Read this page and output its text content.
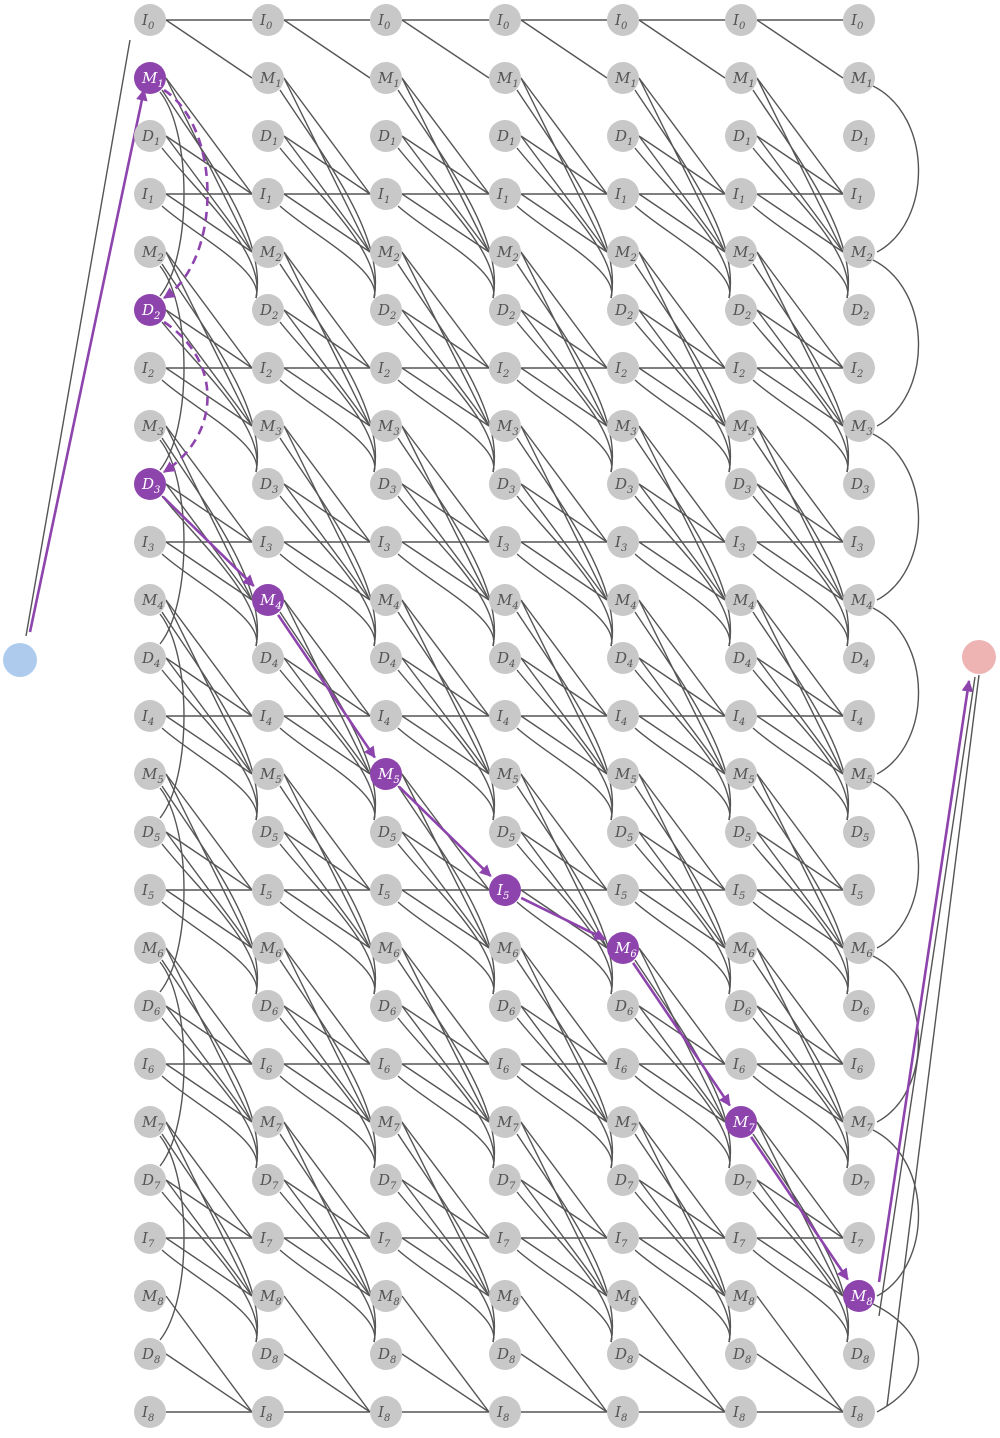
$I_0$
$M_1$
$D_1$
$I_1$
$M_2$
$D_2$
$I_2$
$M_3$
$D_3$
$I_3$
$M_4$
$D_4$
$I_4$
$M_5$
$D_5$
$I_5$
$M_6$
$D_6$
$I_6$
$M_7$
$D_7$
$I_7$
$M_8$
$D_8$
$I_8$
$I_0$
$M_1$
$D_1$
$I_1$
$M_2$
$D_2$
$I_2$
$M_3$
$D_3$
$I_3$
$M_4$
$D_4$
$I_4$
$M_5$
$D_5$
$I_5$
$M_6$
$D_6$
$I_6$
$M_7$
$D_7$
$I_7$
$M_8$
$D_8$
$I_8$
$I_0$
$M_1$
$D_1$
$I_1$
$M_2$
$D_2$
$I_2$
$M_3$
$D_3$
$I_3$
$M_4$
$D_4$
$I_4$
$M_5$
$D_5$
$I_5$
$M_6$
$D_6$
$I_6$
$M_7$
$D_7$
$I_7$
$M_8$
$D_8$
$I_8$
$I_0$
$M_1$
$D_1$
$I_1$
$M_2$
$D_2$
$I_2$
$M_3$
$D_3$
$I_3$
$M_4$
$D_4$
$I_4$
$M_5$
$D_5$
$I_5$
$M_6$
$D_6$
$I_6$
$M_7$
$D_7$
$I_7$
$M_8$
$D_8$
$I_8$
$I_0$
$M_1$
$D_1$
$I_1$
$M_2$
$D_2$
$I_2$
$M_3$
$D_3$
$I_3$
$M_4$
$D_4$
$I_4$
$M_5$
$D_5$
$I_5$
$M_6$
$D_6$
$I_6$
$M_7$
$D_7$
$I_7$
$M_8$
$D_8$
$I_8$
$I_0$
$M_1$
$D_1$
$I_1$
$M_2$
$D_2$
$I_2$
$M_3$
$D_3$
$I_3$
$M_4$
$D_4$
$I_4$
$M_5$
$D_5$
$I_5$
$M_6$
$D_6$
$I_6$
$M_7$
$D_7$
$I_7$
$M_8$
$D_8$
$I_8$
$I_0$
$M_1$
$D_1$
$I_1$
$M_2$
$D_2$
$I_2$
$M_3$
$D_3$
$I_3$
$M_4$
$D_4$
$I_4$
$M_5$
$D_5$
$I_5$
$M_6$
$D_6$
$I_6$
$M_7$
$D_7$
$I_7$
$M_8$
$D_8$
$I_8$
